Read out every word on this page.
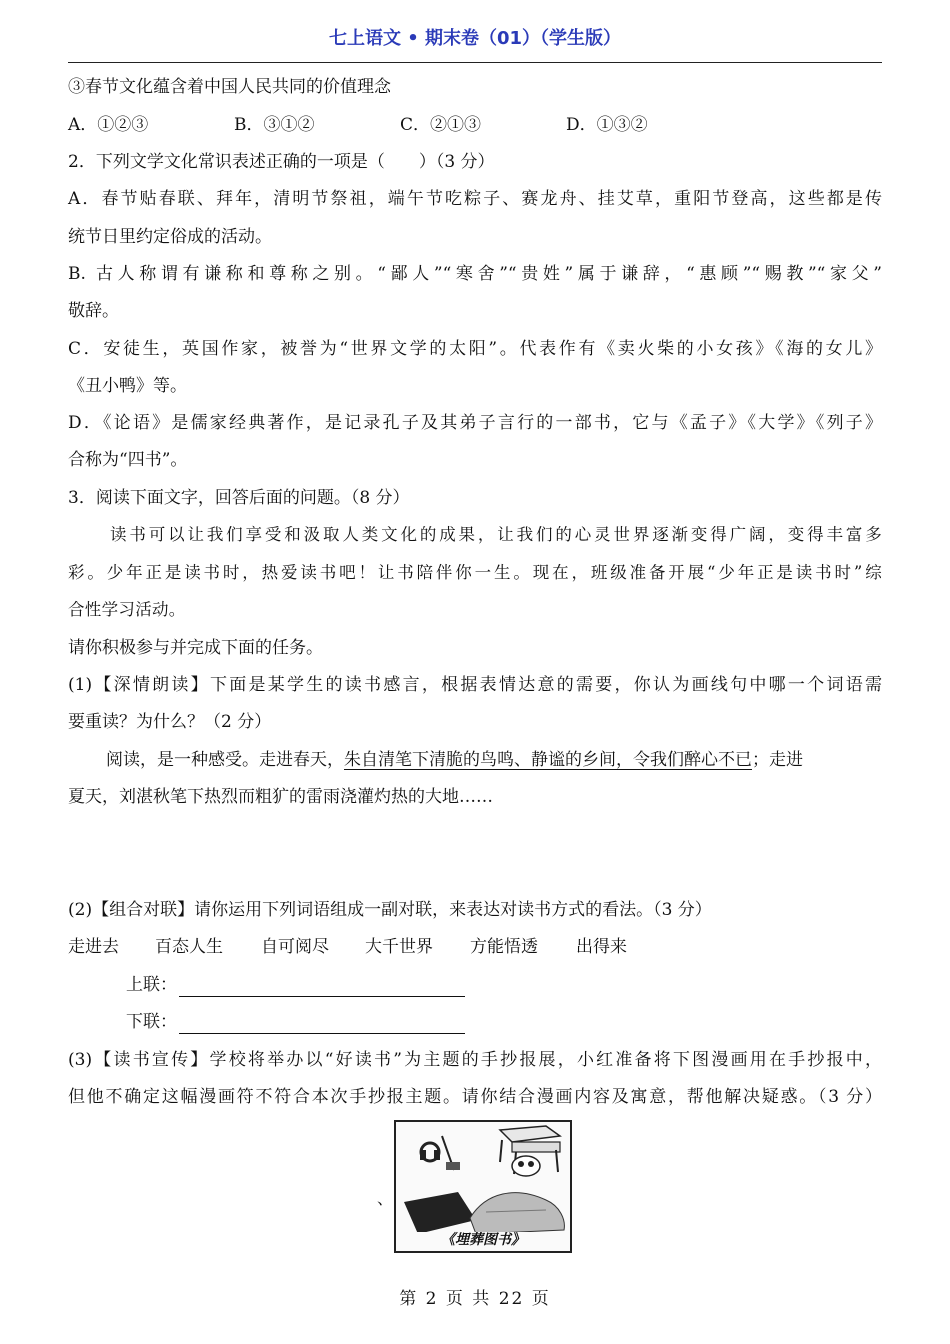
七上语文 • 期末卷（01）（学生版）
③春节文化蕴含着中国人民共同的价值理念
A．①②③	B．③①②	C．②①③	D．①③②
2．下列文学文化常识表述正确的一项是（　　）（3 分）
A．春节贴春联、拜年，清明节祭祖，端午节吃粽子、赛龙舟、挂艾草，重阳节登高，这些都是传
统节日里约定俗成的活动。
B. 古人称谓有谦称和尊称之别。“鄙人”“寒舍”“贵姓”属于谦辞，“惠顾”“赐教”“家父”
敬辞。
C．安徒生，英国作家，被誉为“世界文学的太阳”。代表作有《卖火柴的小女孩》《海的女儿》
《丑小鸭》等。
D．《论语》是儒家经典著作，是记录孔子及其弟子言行的一部书，它与《孟子》《大学》《列子》
合称为“四书”。
3．阅读下面文字，回答后面的问题。（8 分）
读书可以让我们享受和汲取人类文化的成果，让我们的心灵世界逐渐变得广阔，变得丰富多
彩。少年正是读书时，热爱读书吧！让书陪伴你一生。现在，班级准备开展“少年正是读书时”综
合性学习活动。
请你积极参与并完成下面的任务。
(1)【深情朗读】下面是某学生的读书感言，根据表情达意的需要，你认为画线句中哪一个词语需
要重读？为什么？（2 分）
阅读，是一种感受。走进春天，朱自清笔下清脆的鸟鸣、静谧的乡间，令我们醉心不已；走进
夏天，刘湛秋笔下热烈而粗犷的雷雨浇灌灼热的大地……
(2)【组合对联】请你运用下列词语组成一副对联，来表达对读书方式的看法。（3 分）
走进去 百态人生 自可阅尽 大千世界 方能悟透 出得来
上联：
下联：
(3)【读书宣传】学校将举办以“好读书”为主题的手抄报展，小红准备将下图漫画用在手抄报中，
但他不确定这幅漫画符不符合本次手抄报主题。请你结合漫画内容及寓意，帮他解决疑惑。（3 分）
、
《埋葬图书》
第 2 页 共 22 页
